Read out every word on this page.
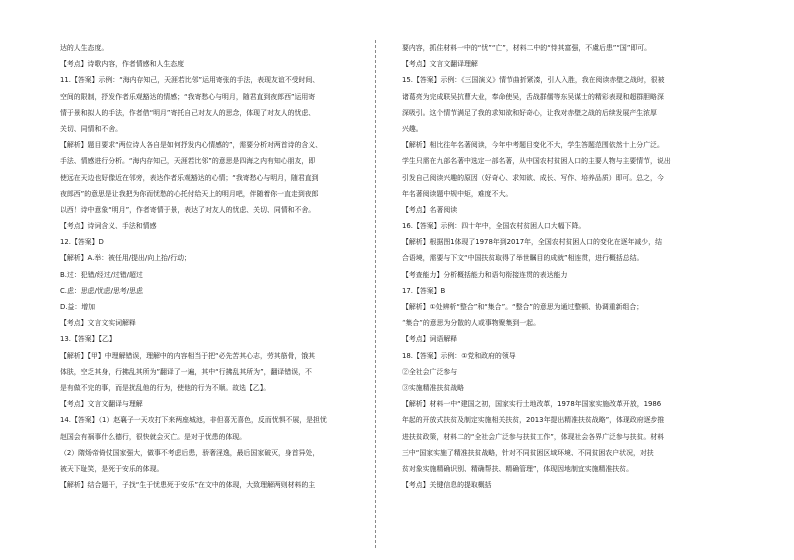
达的人生态度。
【考点】诗歌内容，作者情感和人生态度
11.【答案】示例：“海内存知己，天涯若比邻”运用寄张的手法，表现友谊不受时间、
空间的限制，抒发作者乐观豁达的情感；“我寄愁心与明月，随君直到夜郎西”运用寄
情于景和拟人的手法，作者借“明月”寄托自己对友人的思念，体现了对友人的忧虑、
关切、同情和不舍。
【解析】题目要求“两位诗人各自是如何抒发内心情感的”，需要分析对两首诗的含义、
手法、情感进行分析。“海内存知己，天涯若比邻”的意思是四海之内有知心朋友，即
使远在天边也好像近在邻旁，表达作者乐观豁达的心情；“我寄愁心与明月，随君直到
夜郎西”的意思是让我把为你而忧愁的心托付给天上的明月吧，伴随着你一直走到夜郎
以西！诗中意象“明月”，作者寄情于景，表达了对友人的忧虑、关切、同情和不舍。
【考点】诗词含义、手法和情感
12.【答案】D
【解析】A.举：被任用/提出/向上抬/行动；
B.过：犯错/经过/过错/超过
C.虑：思虑/忧虑/思考/思虑
D.益：增加
【考点】文言文实词解释
13.【答案】【乙】
【解析】【甲】中理解错误，理解中的内容相当于把“必先苦其心志，劳其筋骨，饿其
体肤，空乏其身，行拂乱其所为”翻译了一遍，其中“行拂乱其所为”，翻译错误，不
是有做不完的事，而是扰乱他的行为，使他的行为不顺。故选【乙】。
【考点】文言文翻译与理解
14.【答案】（1）赵襄子一天攻打下来两座城池，非但喜无喜色，反而忧惧不展，是担忧
赵国会有祸事什么德行，很快就会灭亡。是对于忧患的体现。
（2）隋炀帝倚仗国家强大，做事不考虑后患，骄奢淫逸，最后国家破灭，身首异处，
被天下耻笑，是死于安乐的体现。
【解析】结合题干，子找“生于忧患死于安乐”在文中的体现，大致理解两则材料的主
要内容，抓住材料一中的“忧”“亡”，材料二中的“恃其富强，不虞后患”“国”即可。
【考点】文言文翻译理解
15.【答案】示例：《三国演义》情节曲折紧凑，引人入胜，我在阅读赤壁之战时，很被
诸葛亮为完成联吴抗曹大业，奉命使吴，舌战群儒等东吴谋士的精彩表现和超群胆略深
深吸引。这个情节满足了我的求知欲和好奇心，让我对赤壁之战的后续发展产生浓厚
兴趣。
【解析】相比往年名著阅读，今年中考题目变化不大，学生答题范围依然十上分广泛。
学生只需在九部名著中选定一部名著，从中国农村贫困人口的主要人物与主要情节，说出
引发自己阅读兴趣的原因（好奇心、求知欲、成长、写作、培养品质）即可。总之，今
年名著阅读题中规中矩，难度不大。
【考点】名著阅读
16.【答案】示例：四十年中，全国农村贫困人口大幅下降。
【解析】根据图1体现了1978年到2017年，全国农村贫困人口的变化在逐年减少，结
合语境，需要与下文“中国扶贫取得了举世瞩目的成就”相连贯，进行概括总结。
【考查能力】分析概括能力和语句衔接连贯的表达能力
17.【答案】B
【解析】①处辨析“整合”和“集合”。“整合”的意思为通过整顿、协调重新组合；
“集合”的意思为分散的人或事物聚集到一起。
【考点】词语解释
18.【答案】示例：①党和政府的领导
②全社会广泛参与
③实施精准扶贫战略
【解析】材料一中“建国之初，国家实行土地改革，1978年国家实施改革开放，1986
年起的开放式扶贫及制定实施相关扶贫，2013年提出精准扶贫战略”，体现政府逐步推
进扶贫政策，材料二的“全社会广泛参与扶贫工作”，体现社会各界广泛参与扶贫。材料
三中“国家实施了精准扶贫战略，针对不同贫困区域环境、不同贫困农户状况，对扶
贫对象实施精确识别、精确帮扶、精确管理”，体现因地制宜实施精准扶贫。
【考点】关键信息的提取概括
